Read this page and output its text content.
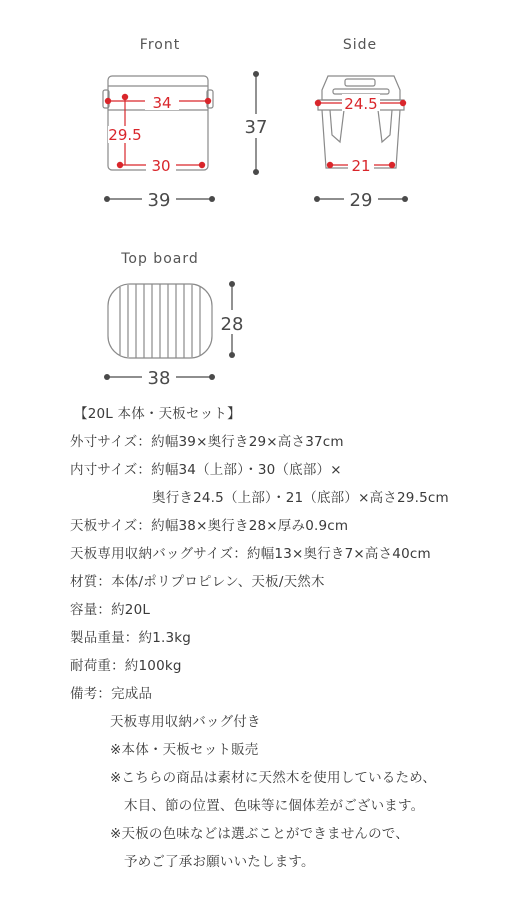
Front
34
29.5
30
39
37
Side
24.5
21
29
Top board
28
38
【20L 本体・天板セット】
外寸サイズ：約幅39×奥行き29×高さ37cm
内寸サイズ：約幅34（上部）・30（底部）×
奥行き24.5（上部）・21（底部）×高さ29.5cm
天板サイズ：約幅38×奥行き28×厚み0.9cm
天板専用収納バッグサイズ：約幅13×奥行き7×高さ40cm
材質：本体/ポリプロピレン、天板/天然木
容量：約20L
製品重量：約1.3kg
耐荷重：約100kg
備考：完成品
天板専用収納バッグ付き
※本体・天板セット販売
※こちらの商品は素材に天然木を使用しているため、
木目、節の位置、色味等に個体差がございます。
※天板の色味などは選ぶことができませんので、
予めご了承お願いいたします。
